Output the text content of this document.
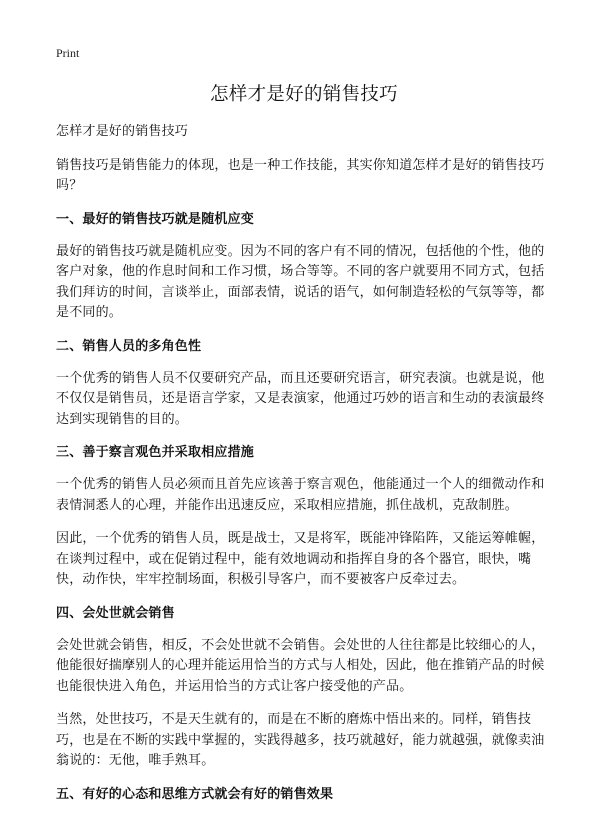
Print
怎样才是好的销售技巧

怎样才是好的销售技巧

销售技巧是销售能力的体现，也是一种工作技能，其实你知道怎样才是好的销售技巧吗？

一、最好的销售技巧就是随机应变

最好的销售技巧就是随机应变。因为不同的客户有不同的情况，包括他的个性，他的客户对象，他的作息时间和工作习惯，场合等等。不同的客户就要用不同方式，包括我们拜访的时间，言谈举止，面部表情，说话的语气，如何制造轻松的气氛等等，都是不同的。

二、销售人员的多角色性

一个优秀的销售人员不仅要研究产品，而且还要研究语言，研究表演。也就是说，他不仅仅是销售员，还是语言学家，又是表演家，他通过巧妙的语言和生动的表演最终达到实现销售的目的。

三、善于察言观色并采取相应措施

一个优秀的销售人员必须而且首先应该善于察言观色，他能通过一个人的细微动作和表情洞悉人的心理，并能作出迅速反应，采取相应措施，抓住战机，克敌制胜。

因此，一个优秀的销售人员，既是战士，又是将军，既能冲锋陷阵，又能运筹帷幄，在谈判过程中，或在促销过程中，能有效地调动和指挥自身的各个器官，眼快，嘴快，动作快，牢牢控制场面，积极引导客户，而不要被客户反牵过去。

四、会处世就会销售

会处世就会销售，相反，不会处世就不会销售。会处世的人往往都是比较细心的人，他能很好揣摩别人的心理并能运用恰当的方式与人相处，因此，他在推销产品的时候也能很快进入角色，并运用恰当的方式让客户接受他的产品。

当然，处世技巧，不是天生就有的，而是在不断的磨炼中悟出来的。同样，销售技巧，也是在不断的实践中掌握的，实践得越多，技巧就越好，能力就越强，就像卖油翁说的：无他，唯手熟耳。

五、有好的心态和思维方式就会有好的销售效果
